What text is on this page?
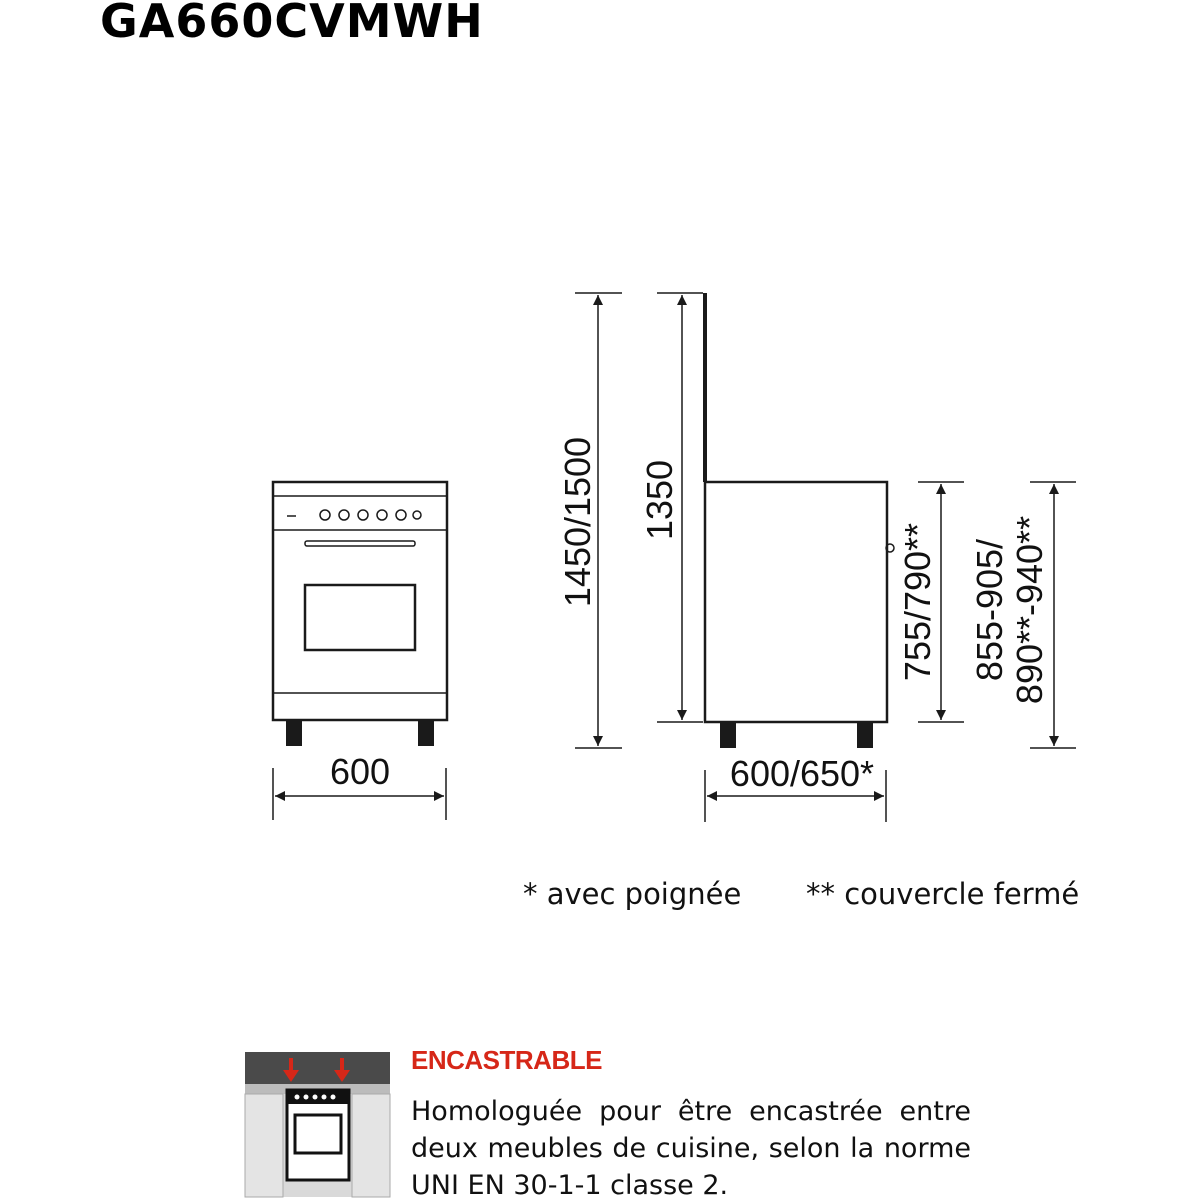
GA660CVMWH
600
1450/1500 1350
755/790** 855-905/ 890**-940**
600/650*
* avec poignée ** couvercle fermé
ENCASTRABLE
Homologuée pour être encastrée entre deux meubles de cuisine, selon la norme UNI EN 30-1-1 classe 2.
